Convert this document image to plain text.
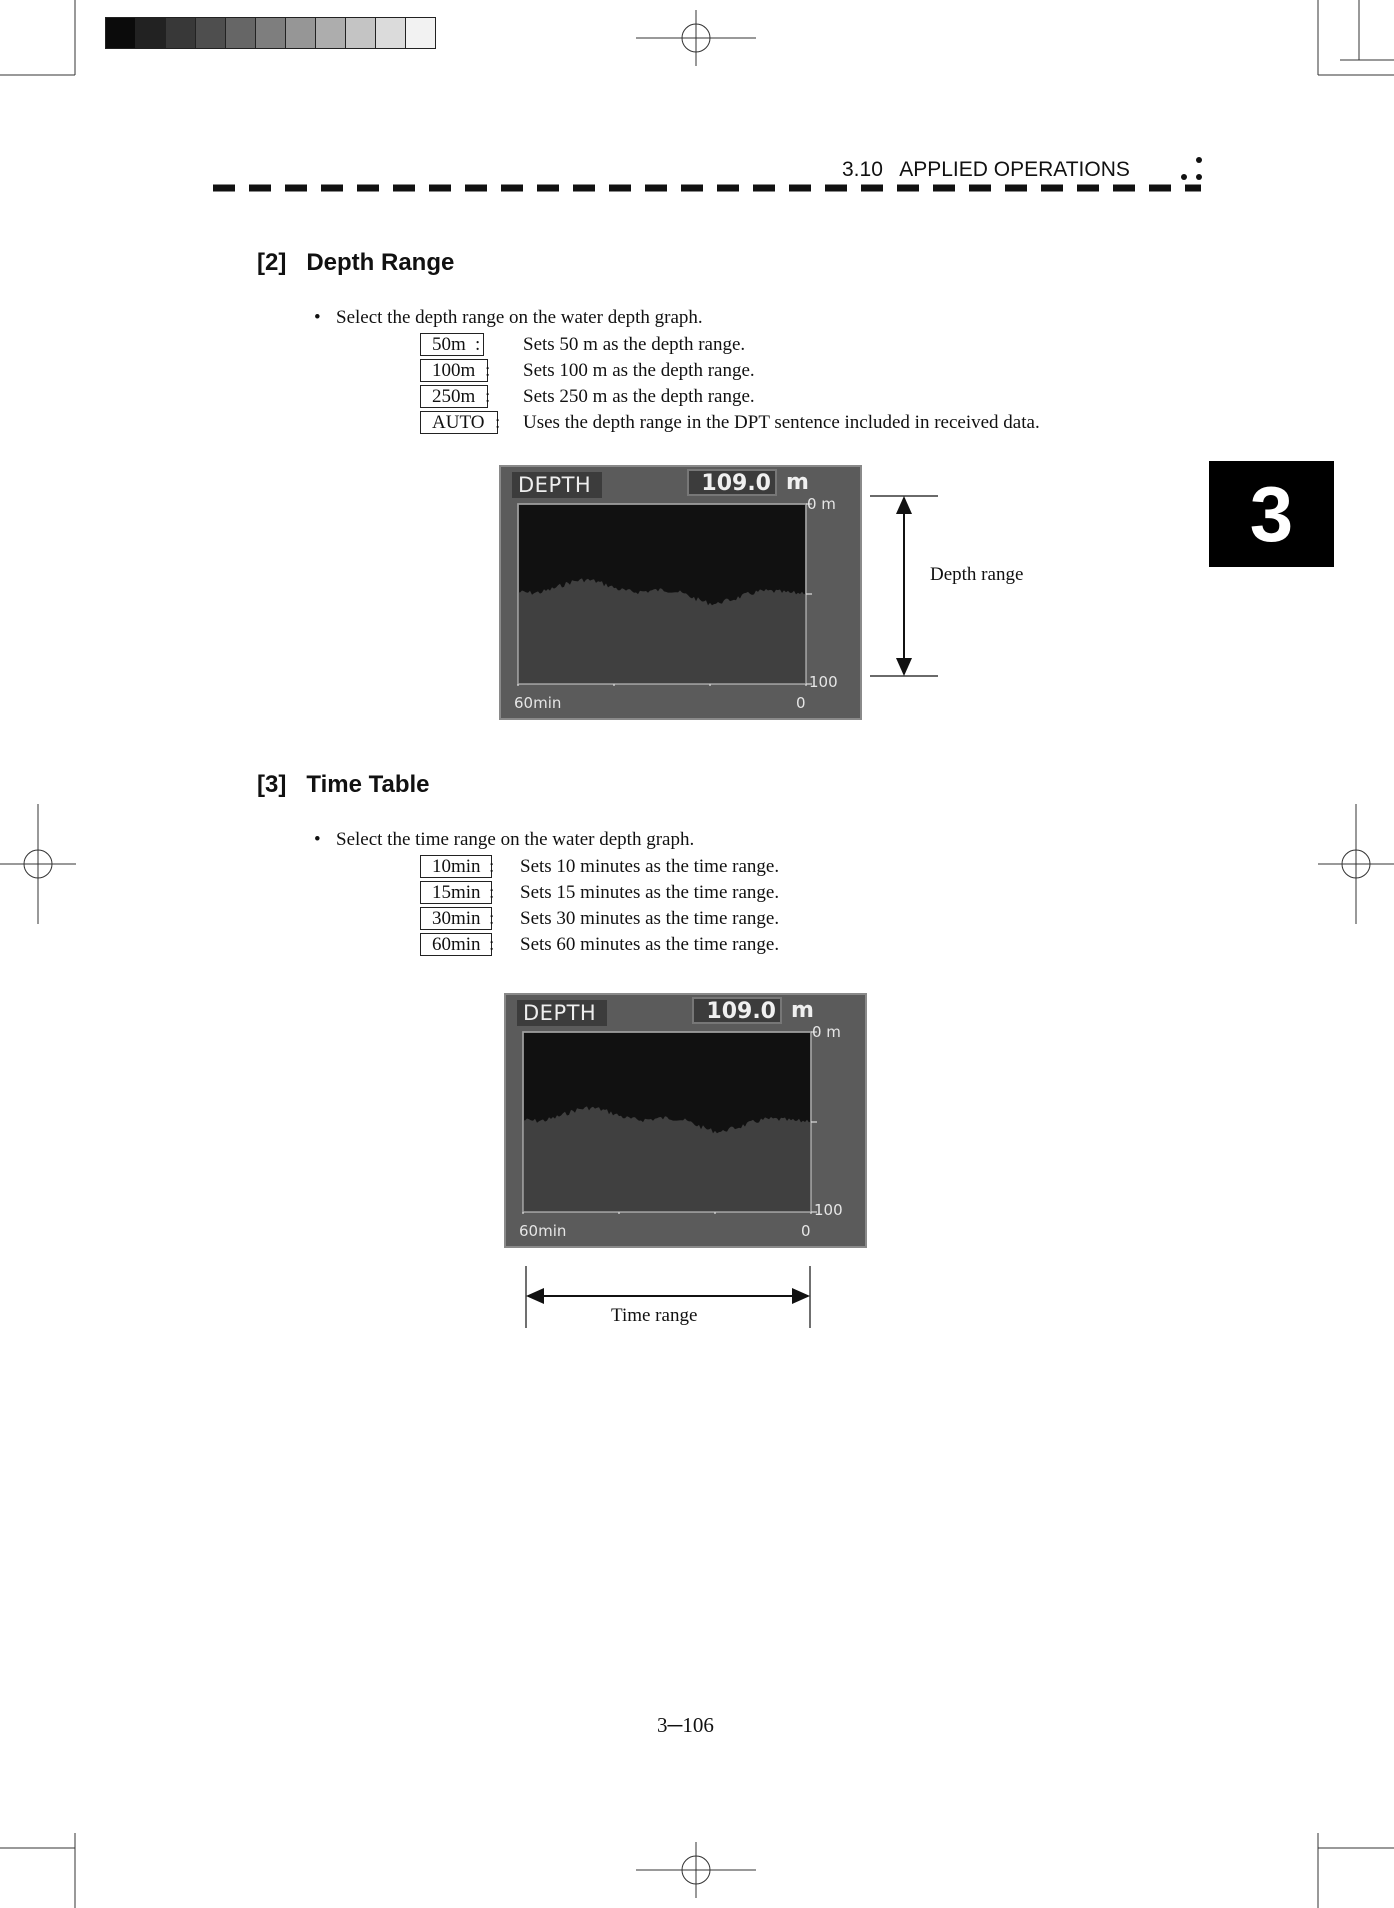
3.10   APPLIED OPERATIONS
3
[2]   Depth Range
• Select the depth range on the water depth graph.
50m : Sets 50 m as the depth range.
100m : Sets 100 m as the depth range.
250m : Sets 250 m as the depth range.
AUTO : Uses the depth range in the DPT sentence included in received data.
DEPTH	109.0 m
0 m
100
60min	0
Depth range
[3]   Time Table
• Select the time range on the water depth graph.
10min : Sets 10 minutes as the time range.
15min : Sets 15 minutes as the time range.
30min : Sets 30 minutes as the time range.
60min : Sets 60 minutes as the time range.
DEPTH	109.0 m
0 m
100
60min	0
Time range
3─106
